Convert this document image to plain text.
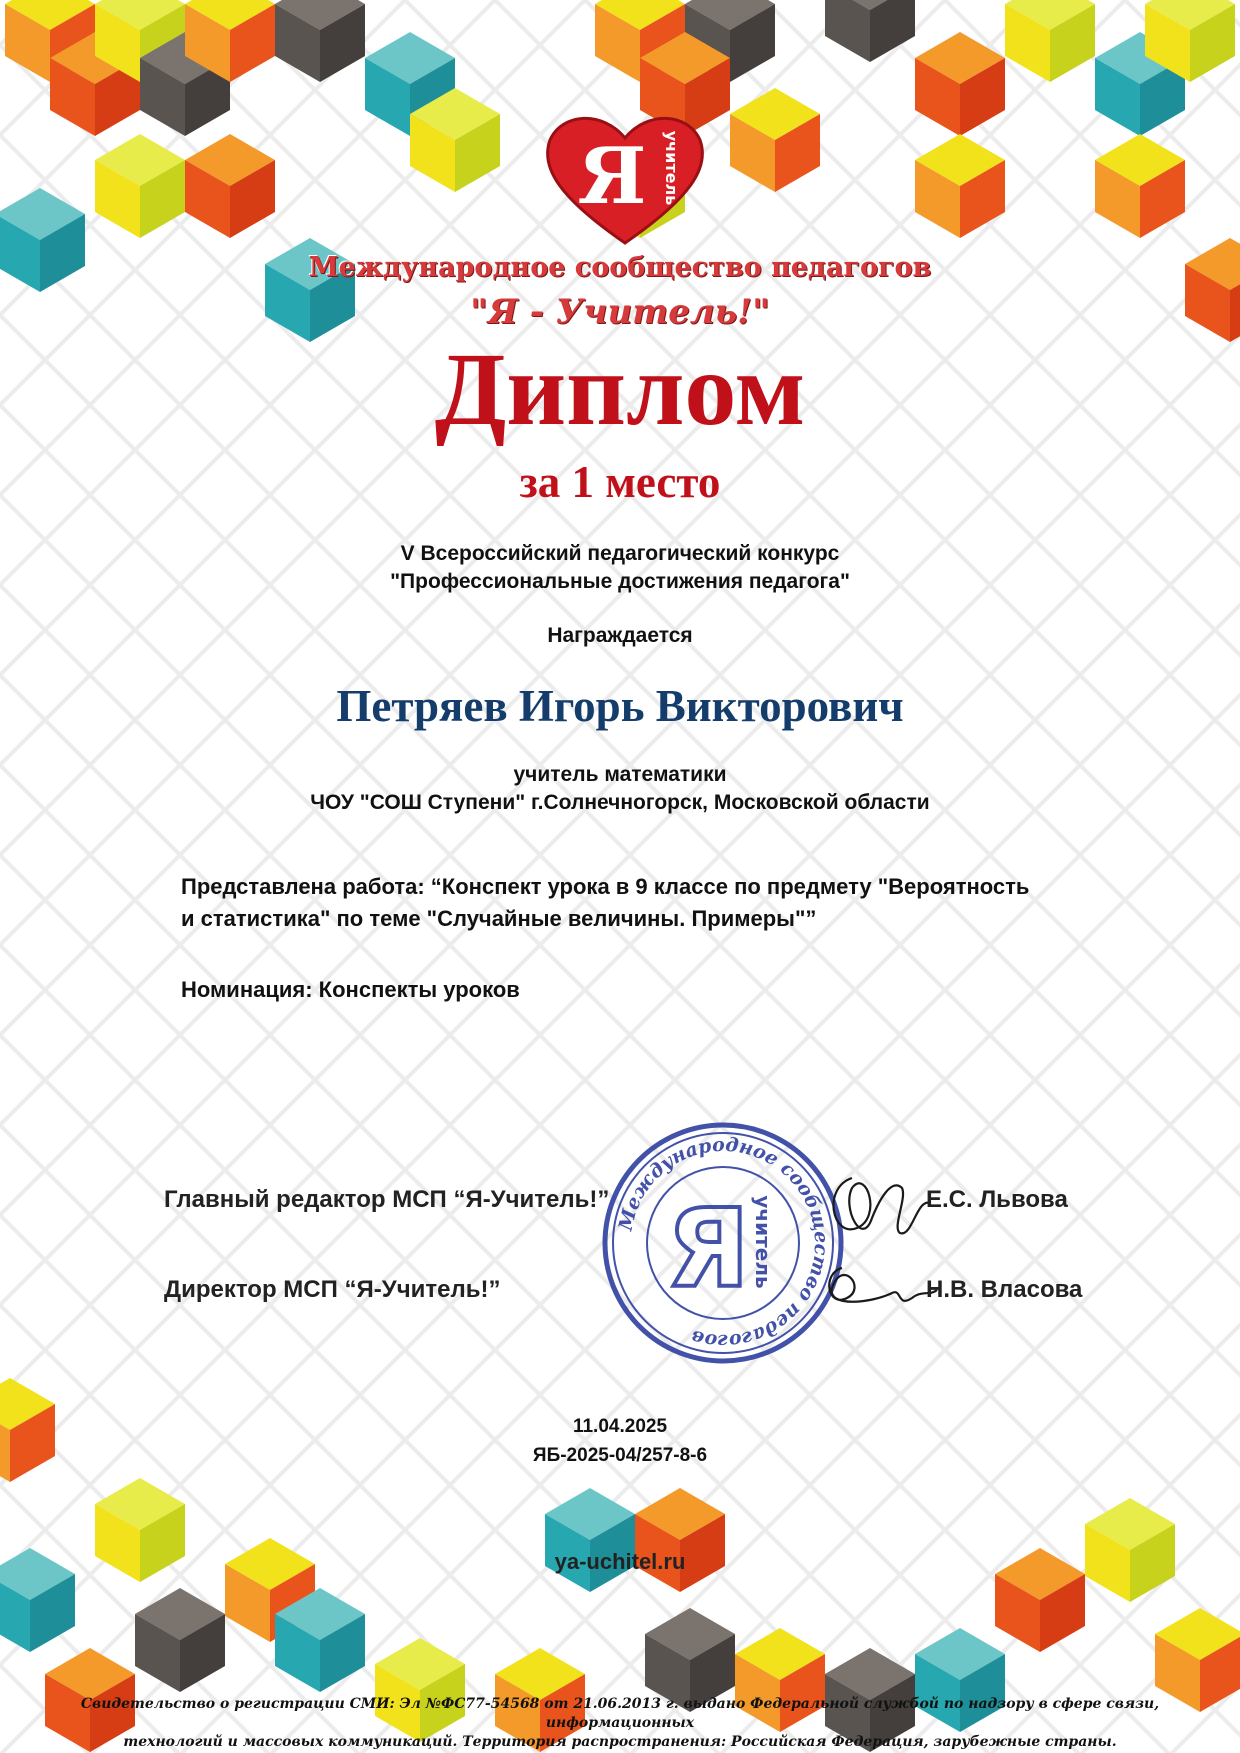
Я учитель
Международное сообщество педагогов
"Я - Учитель!"
Диплом
за 1 место
V Всероссийский педагогический конкурс
"Профессиональные достижения педагога"
Награждается
Петряев Игорь Викторович
учитель математики
ЧОУ "СОШ Ступени" г.Солнечногорск, Московской области
Представлена работа: “Конспект урока в 9 классе по предмету "Вероятность
и статистика" по теме "Случайные величины. Примеры"”
Номинация: Конспекты уроков
Международное сообщество педагогов
Я учитель
Главный редактор МСП “Я-Учитель!”	Е.С. Львова
Директор МСП “Я-Учитель!”	Н.В. Власова
11.04.2025
ЯБ-2025-04/257-8-6
ya-uchitel.ru
Свидетельство о регистрации СМИ: Эл №ФС77-54568 от 21.06.2013 г. выдано Федеральной службой по надзору в сфере связи, информационных
технологий и массовых коммуникаций. Территория распространения: Российская Федерация, зарубежные страны.
